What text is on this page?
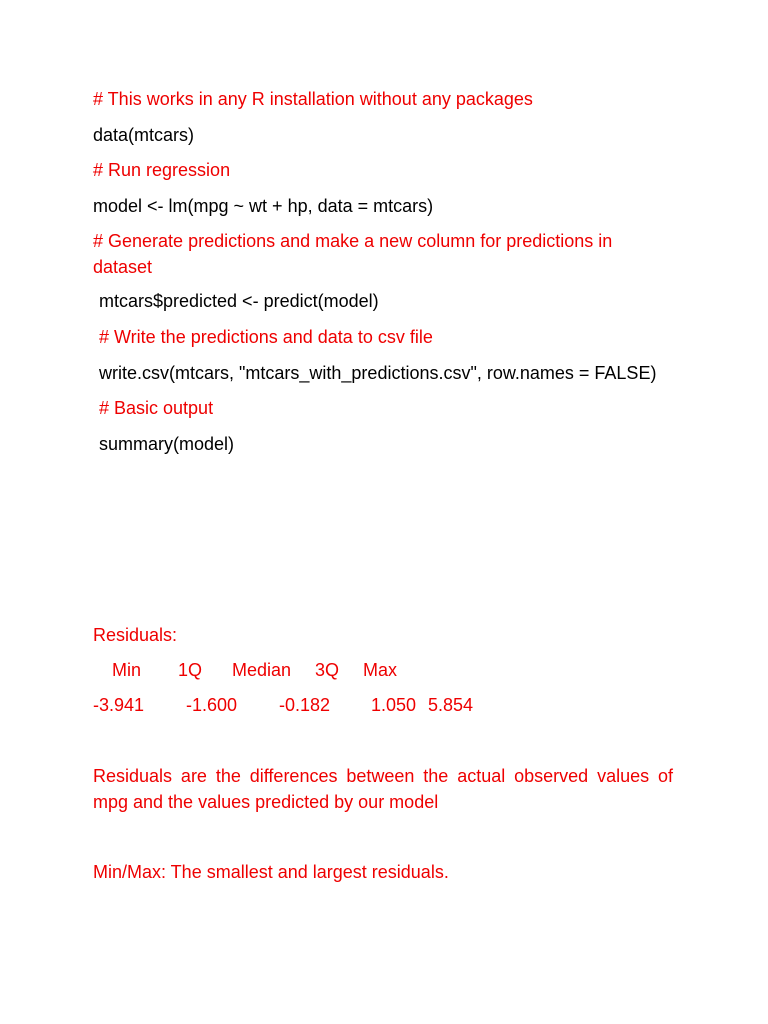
# This works in any R installation without any packages
data(mtcars)
# Run regression
model <- lm(mpg ~ wt + hp, data = mtcars)
# Generate predictions and make a new column for predictions in dataset
mtcars$predicted <- predict(model)
# Write the predictions and data to csv file
write.csv(mtcars, "mtcars_with_predictions.csv", row.names = FALSE)
# Basic output
summary(model)
Residuals:
Min 1Q Median 3Q Max
-3.941 -1.600 -0.182 1.050 5.854
Residuals are the differences between the actual observed values of mpg and the values predicted by our model
Min/Max: The smallest and largest residuals.
